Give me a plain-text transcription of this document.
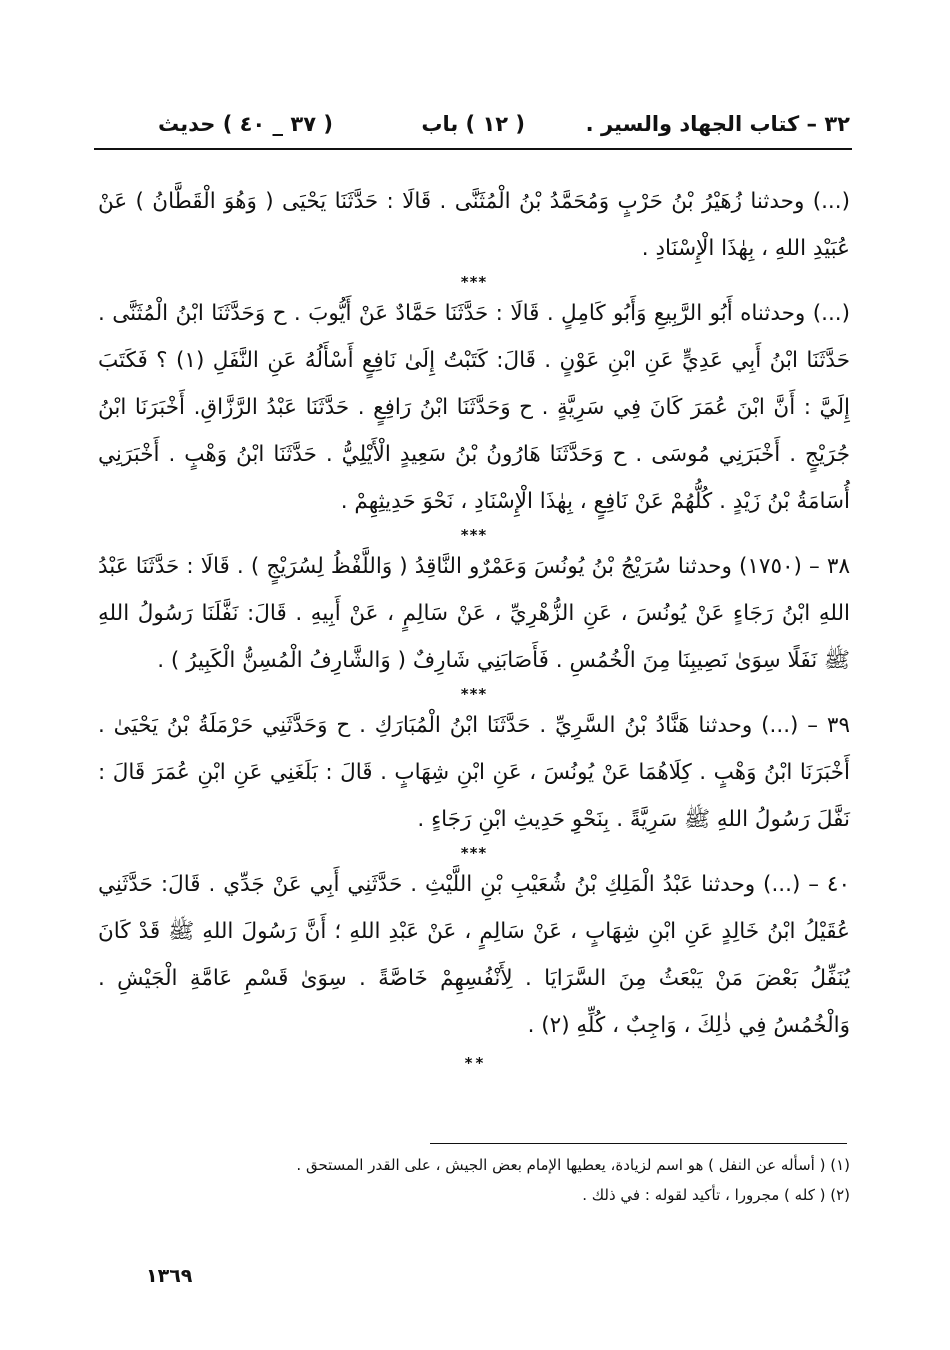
٣٢ – كتاب الجهاد والسير .
( ١٢ ) باب
( ٣٧ _ ٤٠ ) حديث

(...) وحدثنا زُهَيْرُ بْنُ حَرْبٍ وَمُحَمَّدُ بْنُ الْمُثَنَّى . قَالَا : حَدَّثَنَا يَحْيَى ( وَهُوَ الْقَطَّانُ ) عَنْ عُبَيْدِ اللهِ ، بِهٰذَا الْإِسْنَادِ .

***

(...) وحدثناه أَبُو الرَّبِيعِ وَأَبُو كَامِلٍ . قَالَا : حَدَّثَنَا حَمَّادٌ عَنْ أَيُّوبَ . ح وَحَدَّثَنَا ابْنُ الْمُثَنَّى . حَدَّثَنَا ابْنُ أَبِي عَدِيٍّ عَنِ ابْنِ عَوْنٍ . قَالَ: كَتَبْتُ إِلَىٰ نَافِعٍ أَسْأَلُهُ عَنِ النَّفَلِ (١) ؟ فَكَتَبَ إِلَيَّ : أَنَّ ابْنَ عُمَرَ كَانَ فِي سَرِيَّةٍ . ح وَحَدَّثَنَا ابْنُ رَافِعٍ . حَدَّثَنَا عَبْدُ الرَّزَّاقِ. أَخْبَرَنَا ابْنُ جُرَيْجٍ . أَخْبَرَنِي مُوسَى . ح وَحَدَّثَنَا هَارُونُ بْنُ سَعِيدٍ الْأَيْلِيُّ . حَدَّثَنَا ابْنُ وَهْبٍ . أَخْبَرَنِي أُسَامَةُ بْنُ زَيْدٍ . كُلُّهُمْ عَنْ نَافِعٍ ، بِهٰذَا الْإِسْنَادِ ، نَحْوَ حَدِيثِهِمْ .

***

٣٨ – (١٧٥٠) وحدثنا سُرَيْجُ بْنُ يُونُسَ وَعَمْرٌو النَّاقِدُ ( وَاللَّفْظُ لِسُرَيْجٍ ) . قَالَا : حَدَّثَنَا عَبْدُ اللهِ ابْنُ رَجَاءٍ عَنْ يُونُسَ ، عَنِ الزُّهْرِيِّ ، عَنْ سَالِمٍ ، عَنْ أَبِيهِ . قَالَ: نَفَّلَنَا رَسُولُ اللهِ ﷺ نَفَلًا سِوَىٰ نَصِيبِنَا مِنَ الْخُمُسِ . فَأَصَابَنِي شَارِفٌ ( وَالشَّارِفُ الْمُسِنُّ الْكَبِيرُ ) .

***

٣٩ – (...) وحدثنا هَنَّادُ بْنُ السَّرِيِّ . حَدَّثَنَا ابْنُ الْمُبَارَكِ . ح وَحَدَّثَنِي حَرْمَلَةُ بْنُ يَحْيَىٰ . أَخْبَرَنَا ابْنُ وَهْبٍ . كِلَاهُمَا عَنْ يُونُسَ ، عَنِ ابْنِ شِهَابٍ . قَالَ : بَلَغَنِي عَنِ ابْنِ عُمَرَ قَالَ : نَفَّلَ رَسُولُ اللهِ ﷺ سَرِيَّةً . بِنَحْوِ حَدِيثِ ابْنِ رَجَاءٍ .

***

٤٠ – (...) وحدثنا عَبْدُ الْمَلِكِ بْنُ شُعَيْبِ بْنِ اللَّيْثِ . حَدَّثَنِي أَبِي عَنْ جَدِّي . قَالَ: حَدَّثَنِي عُقَيْلُ ابْنُ خَالِدٍ عَنِ ابْنِ شِهَابٍ ، عَنْ سَالِمٍ ، عَنْ عَبْدِ اللهِ ؛ أَنَّ رَسُولَ اللهِ ﷺ قَدْ كَانَ يُنَفِّلُ بَعْضَ مَنْ يَبْعَثُ مِنَ السَّرَايَا . لِأَنْفُسِهِمْ خَاصَّةً . سِوَىٰ قَسْمِ عَامَّةِ الْجَيْشِ . وَالْخُمُسُ فِي ذٰلِكَ ، وَاجِبٌ ، كُلِّهِ (٢) .

* *

(١) ( أسأله عن النفل ) هو اسم لزيادة، يعطيها الإمام بعض الجيش ، على القدر المستحق .

(٢) ( كله ) مجرورا ، تأكيد لقوله : في ذلك .

١٣٦٩
